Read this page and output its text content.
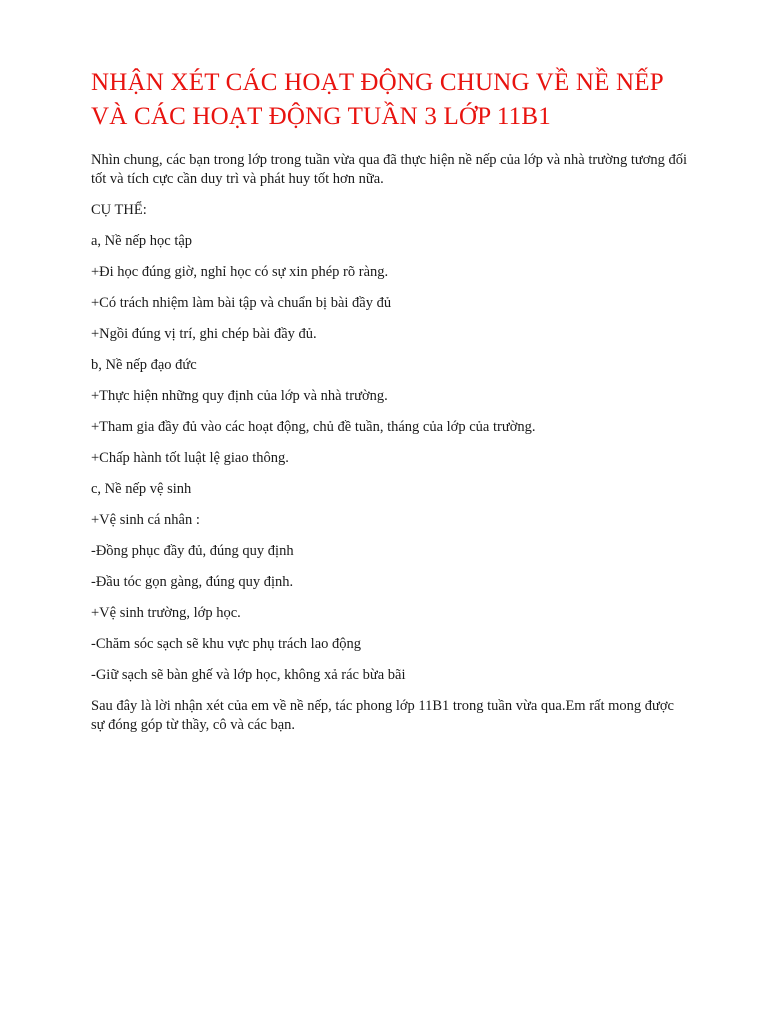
NHẬN XÉT CÁC HOẠT ĐỘNG CHUNG VỀ NỀ NẾP VÀ CÁC HOẠT ĐỘNG TUẦN 3 LỚP 11B1

Nhìn chung, các bạn trong lớp trong tuần vừa qua đã thực hiện nề nếp của lớp và nhà trường tương đối tốt và tích cực cần duy trì và phát huy tốt hơn nữa.

CỤ THỂ:

a, Nề nếp học tập

+Đi học đúng giờ, nghỉ học có sự xin phép rõ ràng.

+Có trách nhiệm làm bài tập và chuẩn bị bài đầy đủ

+Ngồi đúng vị trí, ghi chép bài đầy đủ.

b, Nề nếp đạo đức

+Thực hiện những quy định của lớp và nhà trường.

+Tham gia đầy đủ vào các hoạt động, chủ đề tuần, tháng của lớp của trường.

+Chấp hành tốt luật lệ giao thông.

c, Nề nếp vệ sinh

+Vệ sinh cá nhân :

-Đồng phục đầy đủ, đúng quy định

-Đầu tóc gọn gàng, đúng quy định.

+Vệ sinh trường, lớp học.

-Chăm sóc sạch sẽ khu vực phụ trách lao động

-Giữ sạch sẽ bàn ghế và lớp học, không xả rác bừa bãi

Sau đây là lời nhận xét của em về nề nếp, tác phong lớp 11B1 trong tuần vừa qua.Em rất mong được sự đóng góp từ thầy, cô và các bạn.
